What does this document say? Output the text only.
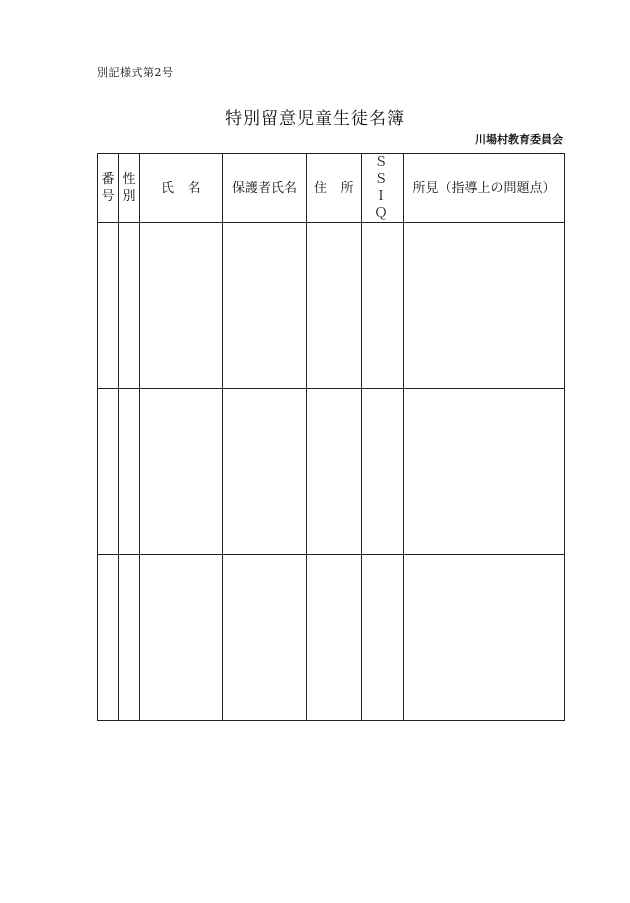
別記様式第2号
特別留意児童生徒名簿
川場村教育委員会
番号	性別	氏　名	保護者氏名	住　所	ＳＳＩＱ	所見（指導上の問題点）
